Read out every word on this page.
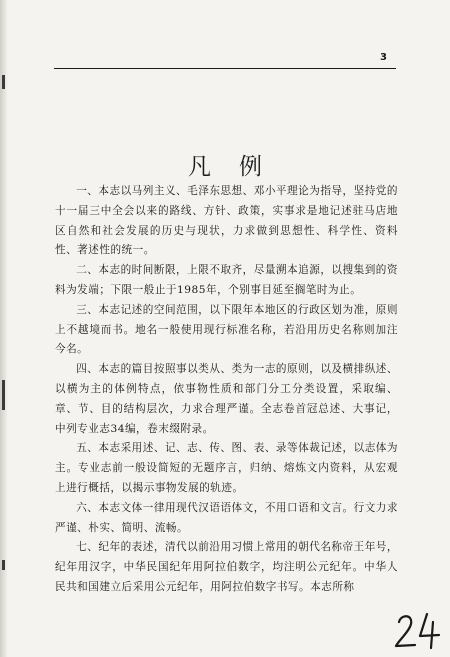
3
凡例

一、本志以马列主义、毛泽东思想、邓小平理论为指导，坚持党的十一届三中全会以来的路线、方针、政策，实事求是地记述驻马店地区自然和社会发展的历史与现状，力求做到思想性、科学性、资料性、著述性的统一。

二、本志的时间断限，上限不取齐，尽量溯本追源，以搜集到的资料为发端；下限一般止于1985年，个别事目延至搁笔时为止。

三、本志记述的空间范围，以下限年本地区的行政区划为准，原则上不越境而书。地名一般使用现行标准名称，若沿用历史名称则加注今名。

四、本志的篇目按照事以类从、类为一志的原则，以及横排纵述、以横为主的体例特点，依事物性质和部门分工分类设置，采取编、章、节、目的结构层次，力求合理严谨。全志卷首冠总述、大事记，中列专业志34编，卷末缀附录。

五、本志采用述、记、志、传、图、表、录等体裁记述，以志体为主。专业志前一般设简短的无题序言，归纳、熔炼文内资料，从宏观上进行概括，以揭示事物发展的轨迹。

六、本志文体一律用现代汉语语体文，不用口语和文言。行文力求严谨、朴实、简明、流畅。

七、纪年的表述，清代以前沿用习惯上常用的朝代名称帝王年号，纪年用汉字，中华民国纪年用阿拉伯数字，均注明公元纪年。中华人民共和国建立后采用公元纪年，用阿拉伯数字书写。本志所称
